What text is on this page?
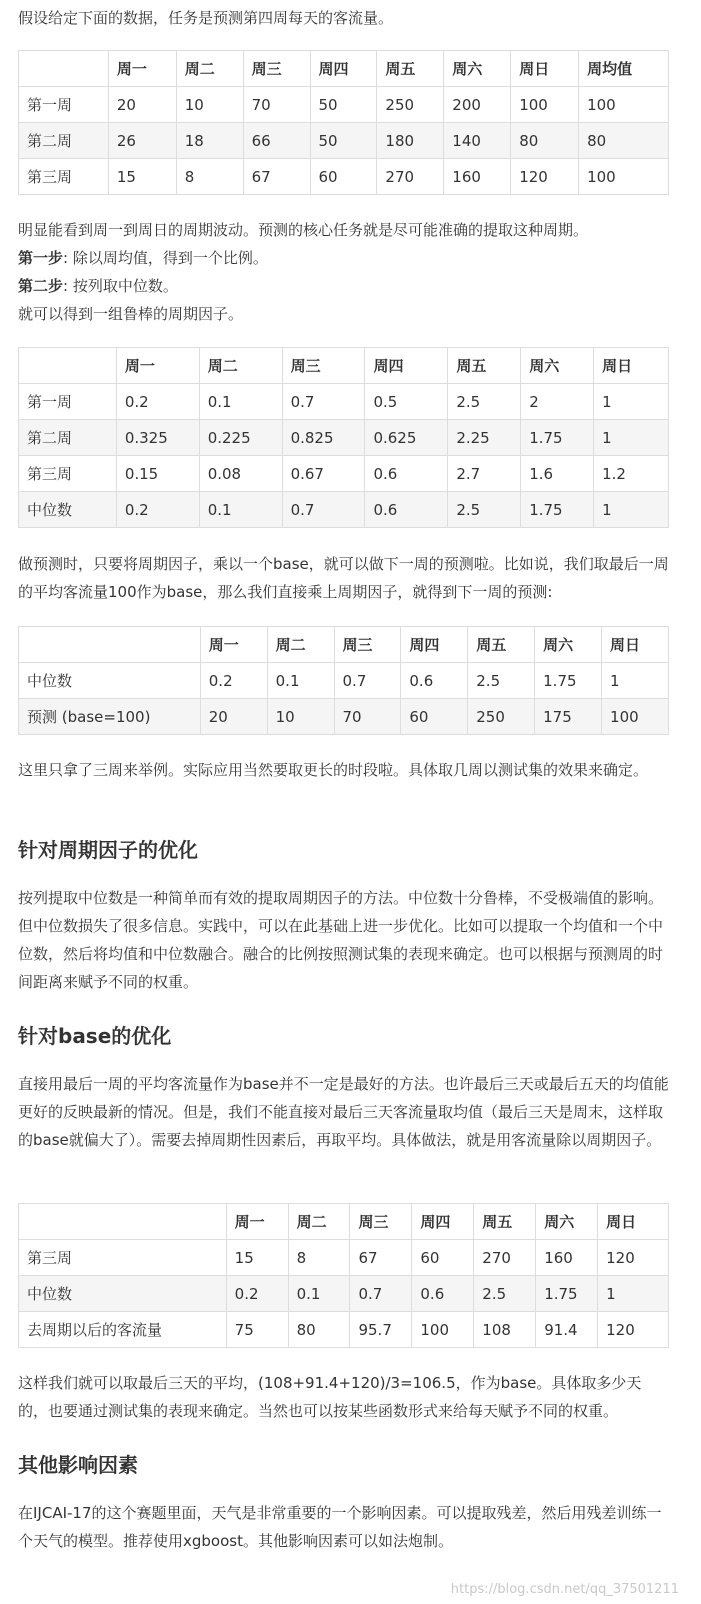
假设给定下面的数据，任务是预测第四周每天的客流量。

	周一	周二	周三	周四	周五	周六	周日	周均值
第一周	20	10	70	50	250	200	100	100
第二周	26	18	66	50	180	140	80	80
第三周	15	8	67	60	270	160	120	100

明显能看到周一到周日的周期波动。预测的核心任务就是尽可能准确的提取这种周期。

第一步: 除以周均值，得到一个比例。

第二步: 按列取中位数。

就可以得到一组鲁棒的周期因子。

	周一	周二	周三	周四	周五	周六	周日
第一周	0.2	0.1	0.7	0.5	2.5	2	1
第二周	0.325	0.225	0.825	0.625	2.25	1.75	1
第三周	0.15	0.08	0.67	0.6	2.7	1.6	1.2
中位数	0.2	0.1	0.7	0.6	2.5	1.75	1

做预测时，只要将周期因子，乘以一个base，就可以做下一周的预测啦。比如说，我们取最后一周的平均客流量100作为base，那么我们直接乘上周期因子，就得到下一周的预测:

	周一	周二	周三	周四	周五	周六	周日
中位数	0.2	0.1	0.7	0.6	2.5	1.75	1
预测 (base=100)	20	10	70	60	250	175	100

这里只拿了三周来举例。实际应用当然要取更长的时段啦。具体取几周以测试集的效果来确定。

针对周期因子的优化

按列提取中位数是一种简单而有效的提取周期因子的方法。中位数十分鲁棒，不受极端值的影响。但中位数损失了很多信息。实践中，可以在此基础上进一步优化。比如可以提取一个均值和一个中位数，然后将均值和中位数融合。融合的比例按照测试集的表现来确定。也可以根据与预测周的时间距离来赋予不同的权重。

针对base的优化

直接用最后一周的平均客流量作为base并不一定是最好的方法。也许最后三天或最后五天的均值能更好的反映最新的情况。但是，我们不能直接对最后三天客流量取均值（最后三天是周末，这样取的base就偏大了）。需要去掉周期性因素后，再取平均。具体做法，就是用客流量除以周期因子。

	周一	周二	周三	周四	周五	周六	周日
第三周	15	8	67	60	270	160	120
中位数	0.2	0.1	0.7	0.6	2.5	1.75	1
去周期以后的客流量	75	80	95.7	100	108	91.4	120

这样我们就可以取最后三天的平均，(108+91.4+120)/3=106.5，作为base。具体取多少天的，也要通过测试集的表现来确定。当然也可以按某些函数形式来给每天赋予不同的权重。

其他影响因素

在IJCAI-17的这个赛题里面，天气是非常重要的一个影响因素。可以提取残差，然后用残差训练一个天气的模型。推荐使用xgboost。其他影响因素可以如法炮制。

https://blog.csdn.net/qq_37501211
